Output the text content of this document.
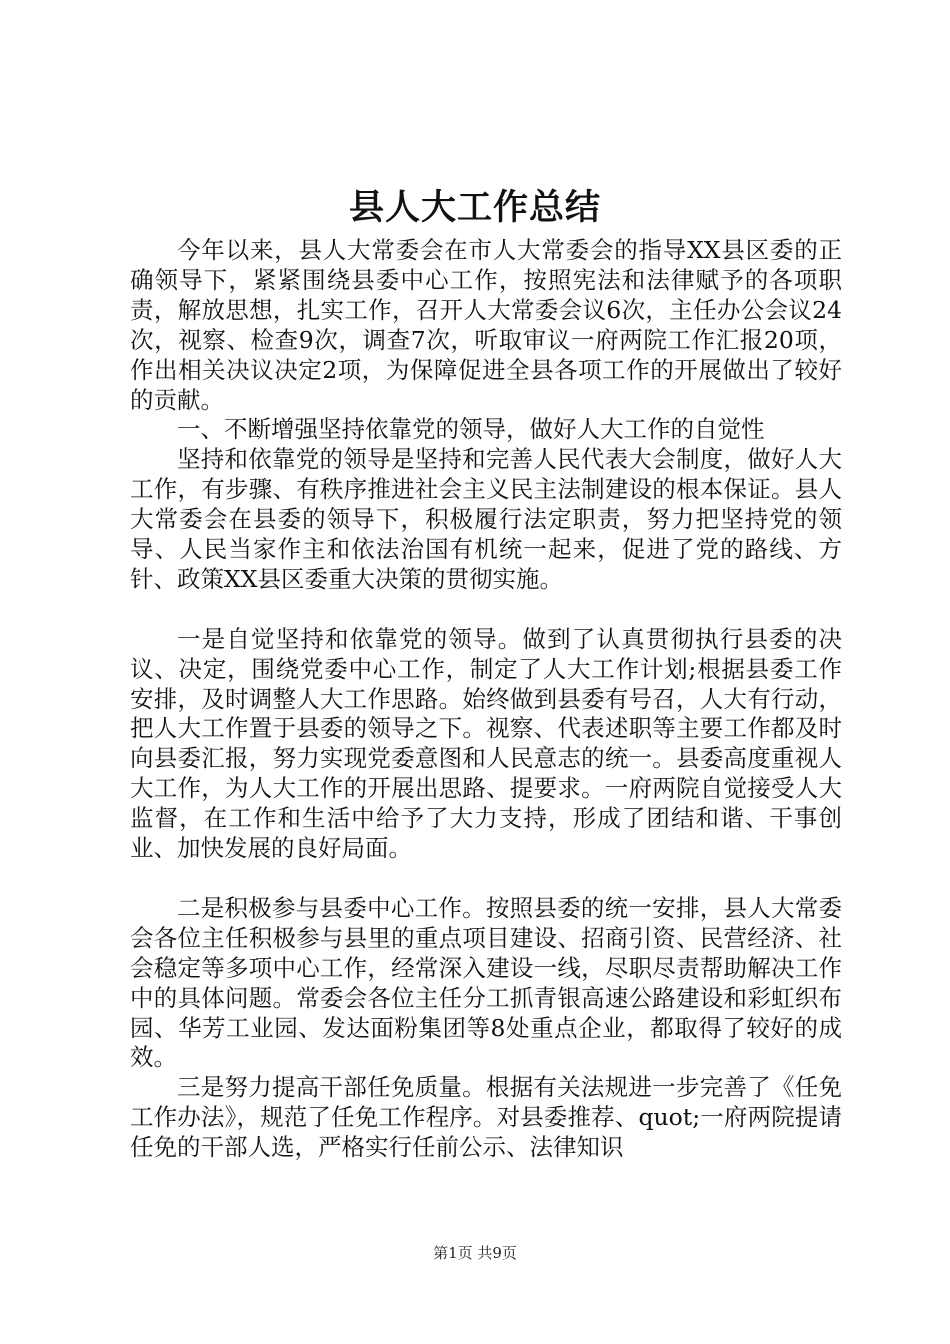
县人大工作总结

今年以来，县人大常委会在市人大常委会的指导XX县区委的正确领导下，紧紧围绕县委中心工作，按照宪法和法律赋予的各项职责，解放思想，扎实工作，召开人大常委会议6次，主任办公会议24次，视察、检查9次，调查7次，听取审议一府两院工作汇报20项，作出相关决议决定2项，为保障促进全县各项工作的开展做出了较好的贡献。

一、不断增强坚持依靠党的领导，做好人大工作的自觉性

坚持和依靠党的领导是坚持和完善人民代表大会制度，做好人大工作，有步骤、有秩序推进社会主义民主法制建设的根本保证。县人大常委会在县委的领导下，积极履行法定职责，努力把坚持党的领导、人民当家作主和依法治国有机统一起来，促进了党的路线、方针、政策XX县区委重大决策的贯彻实施。

一是自觉坚持和依靠党的领导。做到了认真贯彻执行县委的决议、决定，围绕党委中心工作，制定了人大工作计划;根据县委工作安排，及时调整人大工作思路。始终做到县委有号召，人大有行动，把人大工作置于县委的领导之下。视察、代表述职等主要工作都及时向县委汇报，努力实现党委意图和人民意志的统一。县委高度重视人大工作，为人大工作的开展出思路、提要求。一府两院自觉接受人大监督，在工作和生活中给予了大力支持，形成了团结和谐、干事创业、加快发展的良好局面。

二是积极参与县委中心工作。按照县委的统一安排，县人大常委会各位主任积极参与县里的重点项目建设、招商引资、民营经济、社会稳定等多项中心工作，经常深入建设一线，尽职尽责帮助解决工作中的具体问题。常委会各位主任分工抓青银高速公路建设和彩虹织布园、华芳工业园、发达面粉集团等8处重点企业，都取得了较好的成效。

三是努力提高干部任免质量。根据有关法规进一步完善了《任免工作办法》，规范了任免工作程序。对县委推荐、quot;一府两院提请任免的干部人选，严格实行任前公示、法律知识

第1页 共9页
